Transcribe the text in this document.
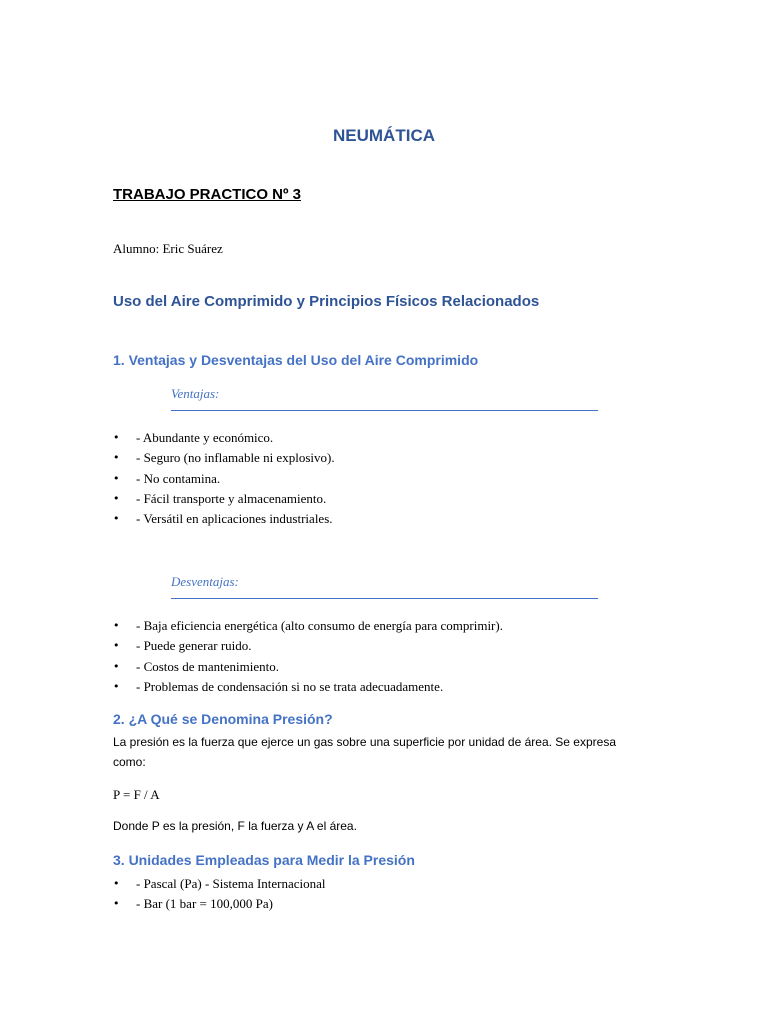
NEUMÁTICA
TRABAJO PRACTICO Nº 3
Alumno: Eric Suárez
Uso del Aire Comprimido y Principios Físicos Relacionados
1. Ventajas y Desventajas del Uso del Aire Comprimido
Ventajas:
• - Abundante y económico.
• - Seguro (no inflamable ni explosivo).
• - No contamina.
• - Fácil transporte y almacenamiento.
• - Versátil en aplicaciones industriales.
Desventajas:
• - Baja eficiencia energética (alto consumo de energía para comprimir).
• - Puede generar ruido.
• - Costos de mantenimiento.
• - Problemas de condensación si no se trata adecuadamente.
2. ¿A Qué se Denomina Presión?
La presión es la fuerza que ejerce un gas sobre una superficie por unidad de área. Se expresa
como:
P = F / A
Donde P es la presión, F la fuerza y A el área.
3. Unidades Empleadas para Medir la Presión
• - Pascal (Pa) - Sistema Internacional
• - Bar (1 bar = 100,000 Pa)
